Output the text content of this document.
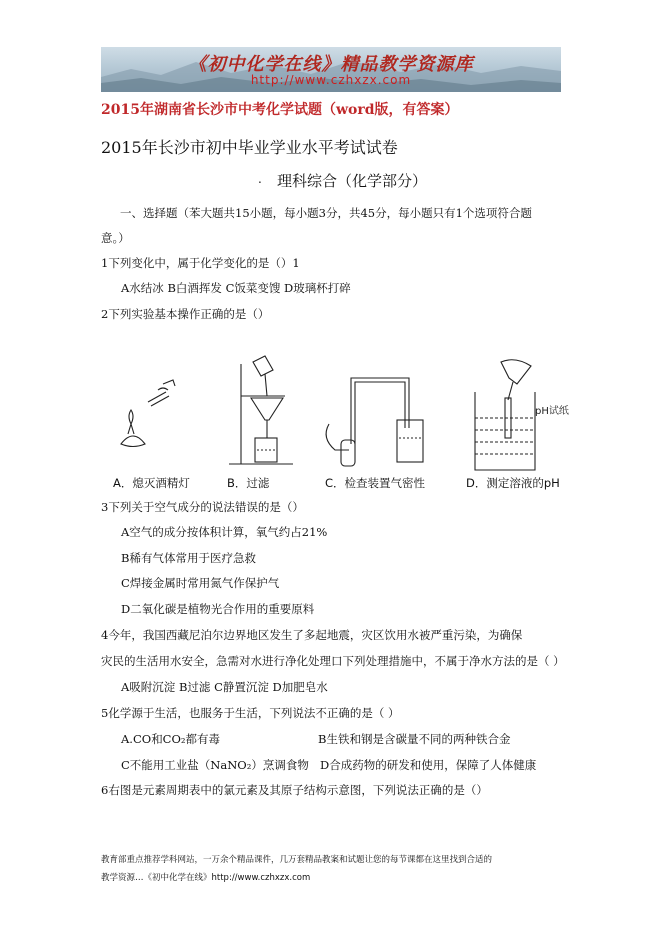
《初中化学在线》精品教学资源库
http://www.czhxzx.com
2015年湖南省长沙市中考化学试题（word版，有答案）
2015年长沙市初中毕业学业水平考试试卷
. 理科综合（化学部分）
一、选择题（苯大题共15小题，每小题3分，共45分，每小题只有1个选项符合题
意。）
1下列变化中，属于化学变化的是（）1
A水结冰 B白酒挥发 C饭菜变馊 D玻璃杯打碎
2下列实验基本操作正确的是（）
pH试纸
A．熄灭酒精灯	B．过滤	C．检查装置气密性	D．测定溶液的pH
3下列关于空气成分的说法错误的是（）
A空气的成分按体积计算，氧气约占21%
B稀有气体常用于医疗急救
C焊接金属时常用氮气作保护气
D二氧化碳是植物光合作用的重要原料
4今年，我国西藏尼泊尔边界地区发生了多起地震，灾区饮用水被严重污染，为确保
灾民的生活用水安全，急需对水进行净化处理口下列处理措施中，不属于净水方法的是（ ）
A吸附沉淀 B过滤 C静置沉淀 D加肥皂水
5化学源于生活，也服务于生活，下列说法不正确的是（ ）
A.CO和CO₂都有毒	B生铁和钢是含碳量不同的两种铁合金
C不能用工业盐（NaNO₂）烹调食物 D合成药物的研发和使用，保障了人体健康
6右图是元素周期表中的氯元素及其原子结构示意图，下列说法正确的是（）
教育部重点推荐学科网站，一万余个精品课件，几万套精品教案和试题让您的每节课都在这里找到合适的
教学资源…《初中化学在线》http://www.czhxzx.com
